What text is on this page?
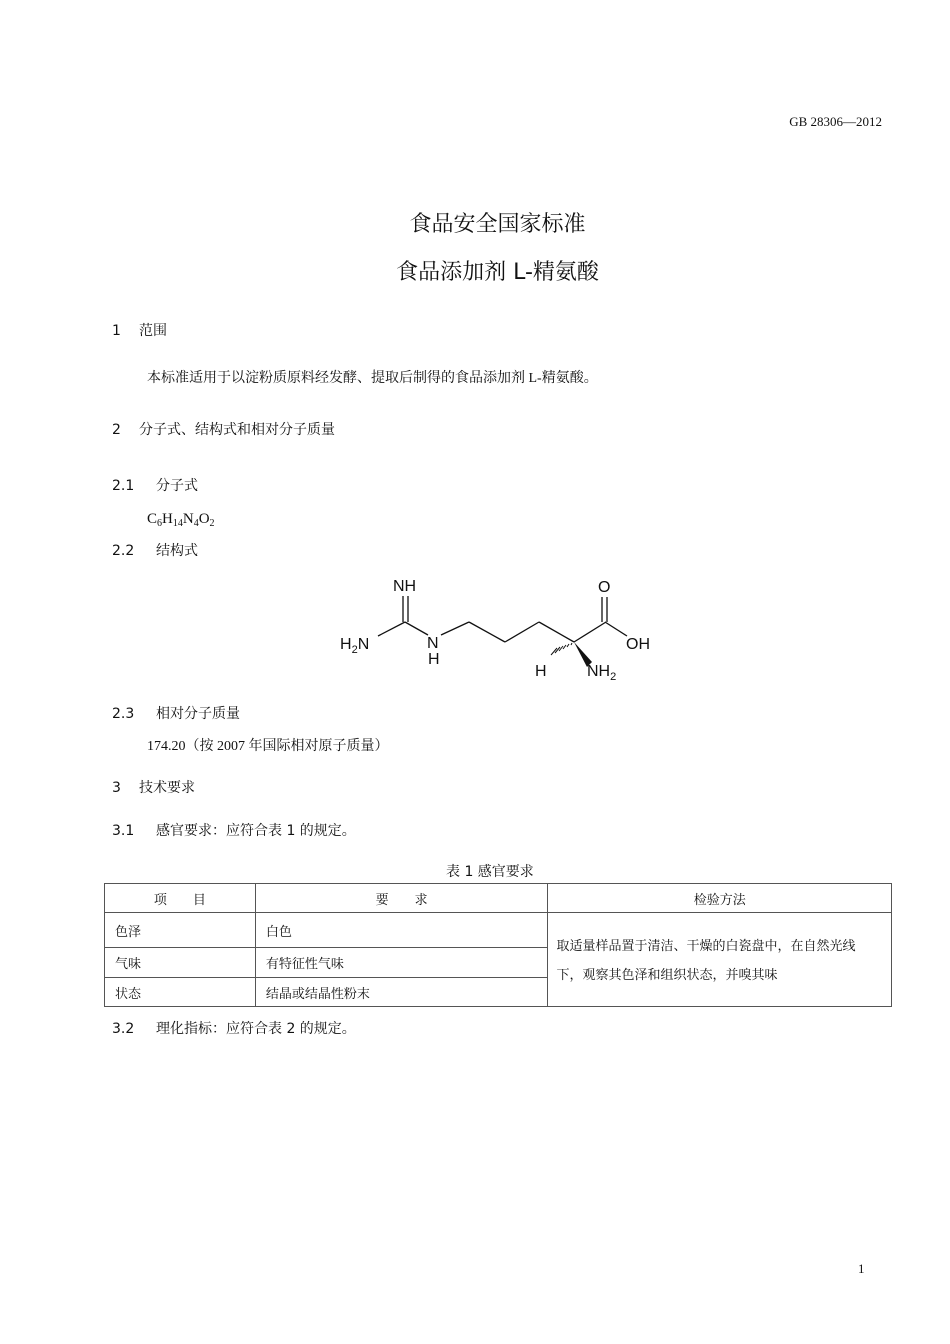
GB 28306—2012
食品安全国家标准
食品添加剂 L-精氨酸
1 范围
本标准适用于以淀粉质原料经发酵、提取后制得的食品添加剂 L-精氨酸。
2 分子式、结构式和相对分子质量
2.1 分子式
$C_6H_{14}N_4O_2$
2.2 结构式
NH
$H_2N$	N
H
O
OH
H	$NH_2$
2.3 相对分子质量
174.20（按 2007 年国际相对原子质量）
3 技术要求
3.1 感官要求：应符合表 1 的规定。
表 1 感官要求
项　　目	要　　求	检验方法
色泽	白色	取适量样品置于清洁、干燥的白瓷盘中，在自然光线
下，观察其色泽和组织状态，并嗅其味

气味	有特征性气味	
状态	结晶或结晶性粉末	
3.2 理化指标：应符合表 2 的规定。
1
